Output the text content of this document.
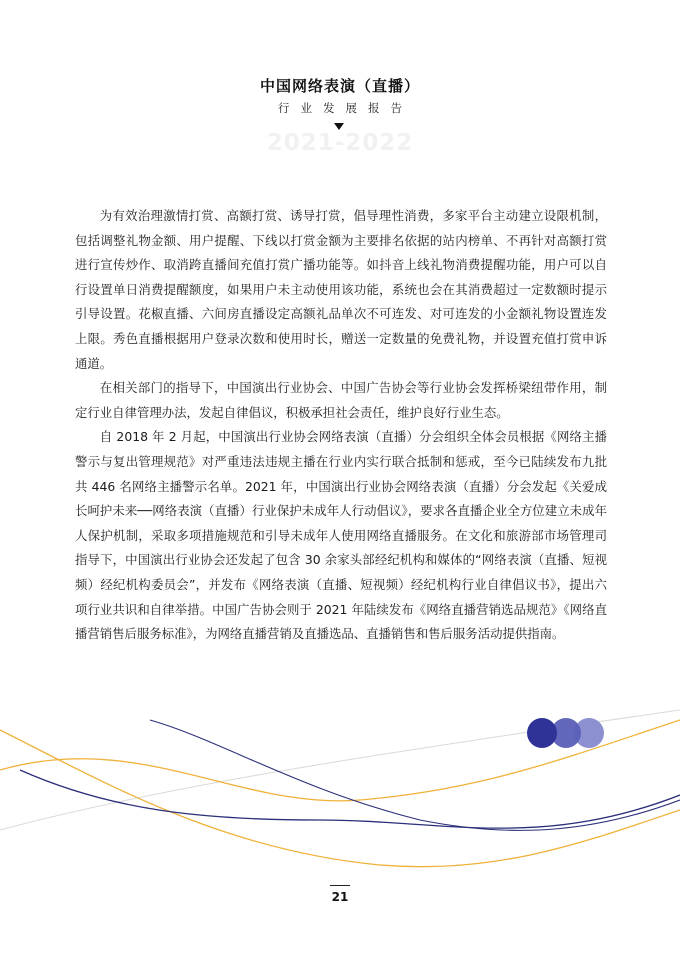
中国网络表演（直播）
行业发展报告
2021-2022

为有效治理激情打赏、高额打赏、诱导打赏，倡导理性消费，多家平台主动建立设限机制，包括调整礼物金额、用户提醒、下线以打赏金额为主要排名依据的站内榜单、不再针对高额打赏进行宣传炒作、取消跨直播间充值打赏广播功能等。如抖音上线礼物消费提醒功能，用户可以自行设置单日消费提醒额度，如果用户未主动使用该功能，系统也会在其消费超过一定数额时提示引导设置。花椒直播、六间房直播设定高额礼品单次不可连发、对可连发的小金额礼物设置连发上限。秀色直播根据用户登录次数和使用时长，赠送一定数量的免费礼物，并设置充值打赏申诉通道。

在相关部门的指导下，中国演出行业协会、中国广告协会等行业协会发挥桥梁纽带作用，制定行业自律管理办法，发起自律倡议，积极承担社会责任，维护良好行业生态。

自 2018 年 2 月起，中国演出行业协会网络表演（直播）分会组织全体会员根据《网络主播警示与复出管理规范》对严重违法违规主播在行业内实行联合抵制和惩戒，至今已陆续发布九批共 446 名网络主播警示名单。2021 年，中国演出行业协会网络表演（直播）分会发起《关爱成长呵护未来──网络表演（直播）行业保护未成年人行动倡议》，要求各直播企业全方位建立未成年人保护机制，采取多项措施规范和引导未成年人使用网络直播服务。在文化和旅游部市场管理司指导下，中国演出行业协会还发起了包含 30 余家头部经纪机构和媒体的“网络表演（直播、短视频）经纪机构委员会”，并发布《网络表演（直播、短视频）经纪机构行业自律倡议书》，提出六项行业共识和自律举措。中国广告协会则于 2021 年陆续发布《网络直播营销选品规范》《网络直播营销售后服务标准》，为网络直播营销及直播选品、直播销售和售后服务活动提供指南。

21
